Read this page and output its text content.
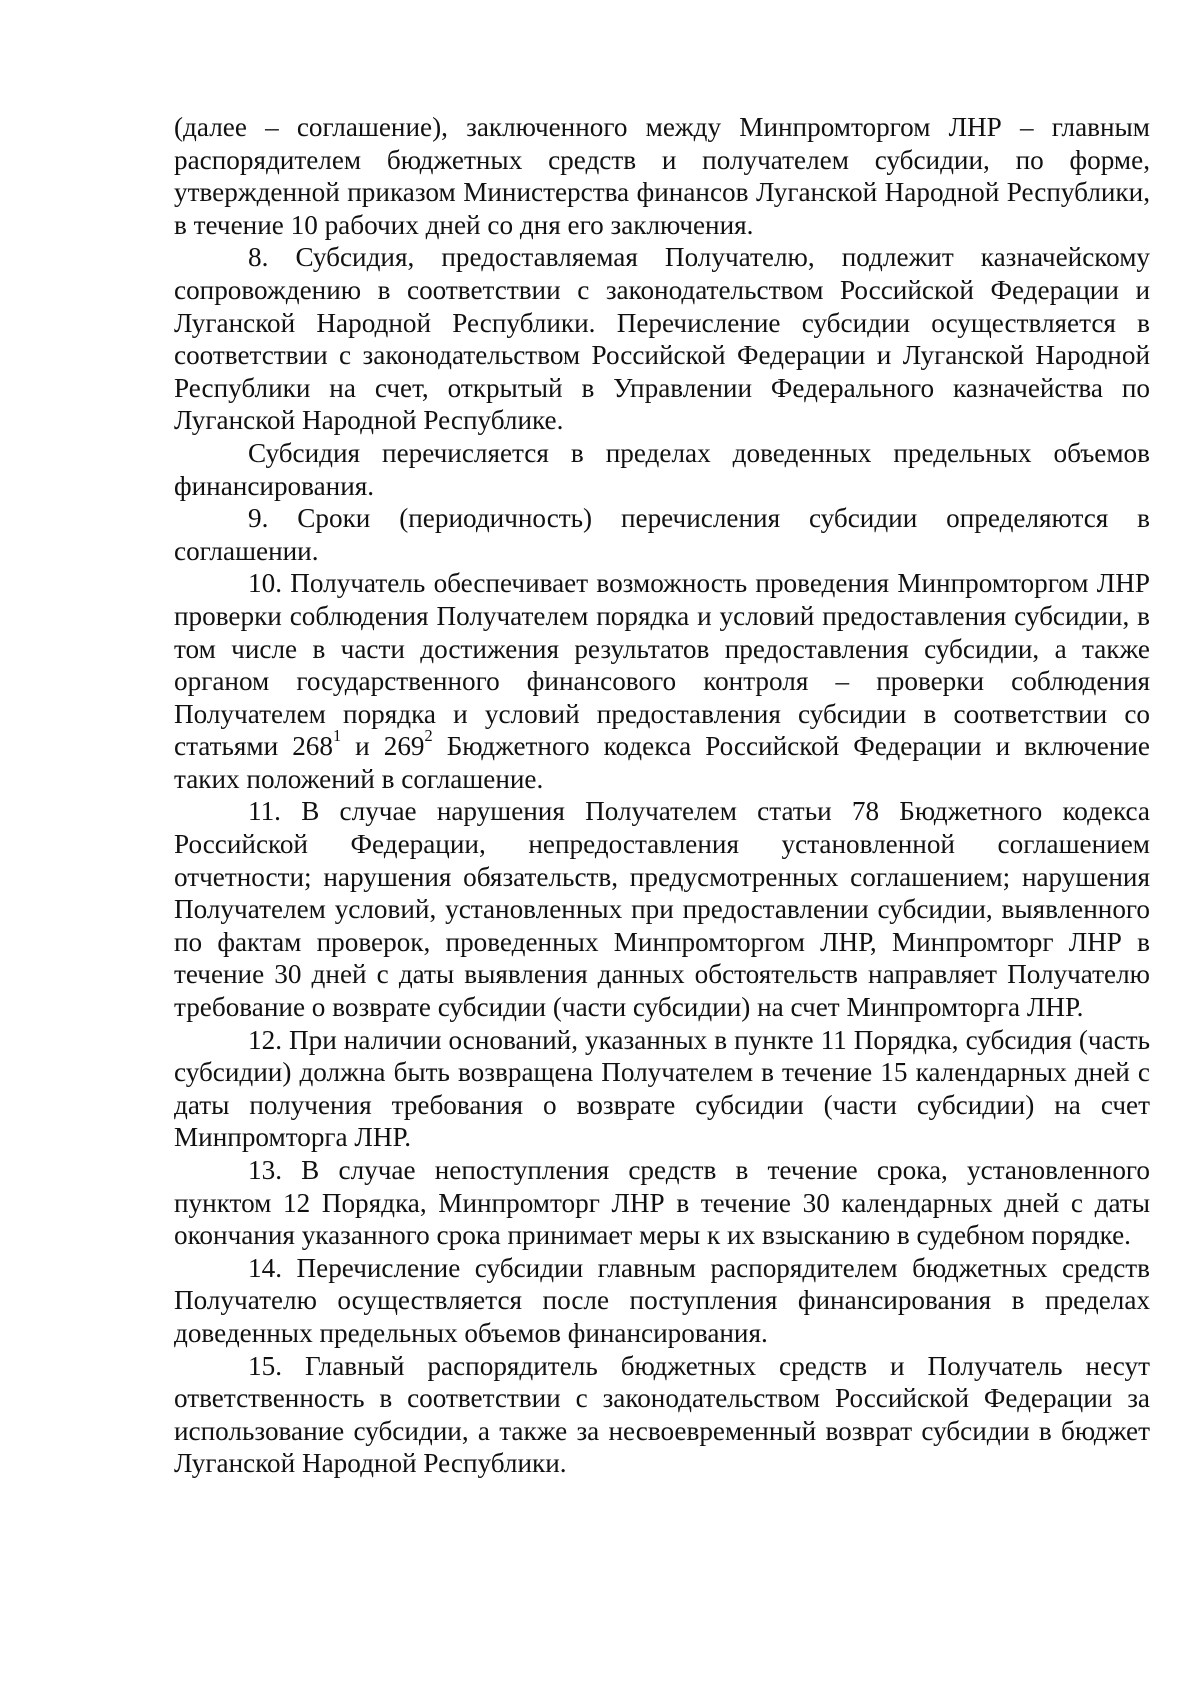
(далее – соглашение), заключенного между Минпромторгом ЛНР – главным распорядителем бюджетных средств и получателем субсидии, по форме, утвержденной приказом Министерства финансов Луганской Народной Республики, в течение 10 рабочих дней со дня его заключения.

8. Субсидия, предоставляемая Получателю, подлежит казначейскому сопровождению в соответствии с законодательством Российской Федерации и Луганской Народной Республики. Перечисление субсидии осуществляется в соответствии с законодательством Российской Федерации и Луганской Народной Республики на счет, открытый в Управлении Федерального казначейства по Луганской Народной Республике.

Субсидия перечисляется в пределах доведенных предельных объемов финансирования.

9. Сроки (периодичность) перечисления субсидии определяются в соглашении.

10. Получатель обеспечивает возможность проведения Минпромторгом ЛНР проверки соблюдения Получателем порядка и условий предоставления субсидии, в том числе в части достижения результатов предоставления субсидии, а также органом государственного финансового контроля – проверки соблюдения Получателем порядка и условий предоставления субсидии в соответствии со статьями $268^1$ и $269^2$ Бюджетного кодекса Российской Федерации и включение таких положений в соглашение.

11. В случае нарушения Получателем статьи 78 Бюджетного кодекса Российской Федерации, непредоставления установленной соглашением отчетности; нарушения обязательств, предусмотренных соглашением; нарушения Получателем условий, установленных при предоставлении субсидии, выявленного по фактам проверок, проведенных Минпромторгом ЛНР, Минпромторг ЛНР в течение 30 дней с даты выявления данных обстоятельств направляет Получателю требование о возврате субсидии (части субсидии) на счет Минпромторга ЛНР.

12. При наличии оснований, указанных в пункте 11 Порядка, субсидия (часть субсидии) должна быть возвращена Получателем в течение 15 календарных дней с даты получения требования о возврате субсидии (части субсидии) на счет Минпромторга ЛНР.

13. В случае непоступления средств в течение срока, установленного пунктом 12 Порядка, Минпромторг ЛНР в течение 30 календарных дней с даты окончания указанного срока принимает меры к их взысканию в судебном порядке.

14. Перечисление субсидии главным распорядителем бюджетных средств Получателю осуществляется после поступления финансирования в пределах доведенных предельных объемов финансирования.

15. Главный распорядитель бюджетных средств и Получатель несут ответственность в соответствии с законодательством Российской Федерации за использование субсидии, а также за несвоевременный возврат субсидии в бюджет Луганской Народной Республики.
